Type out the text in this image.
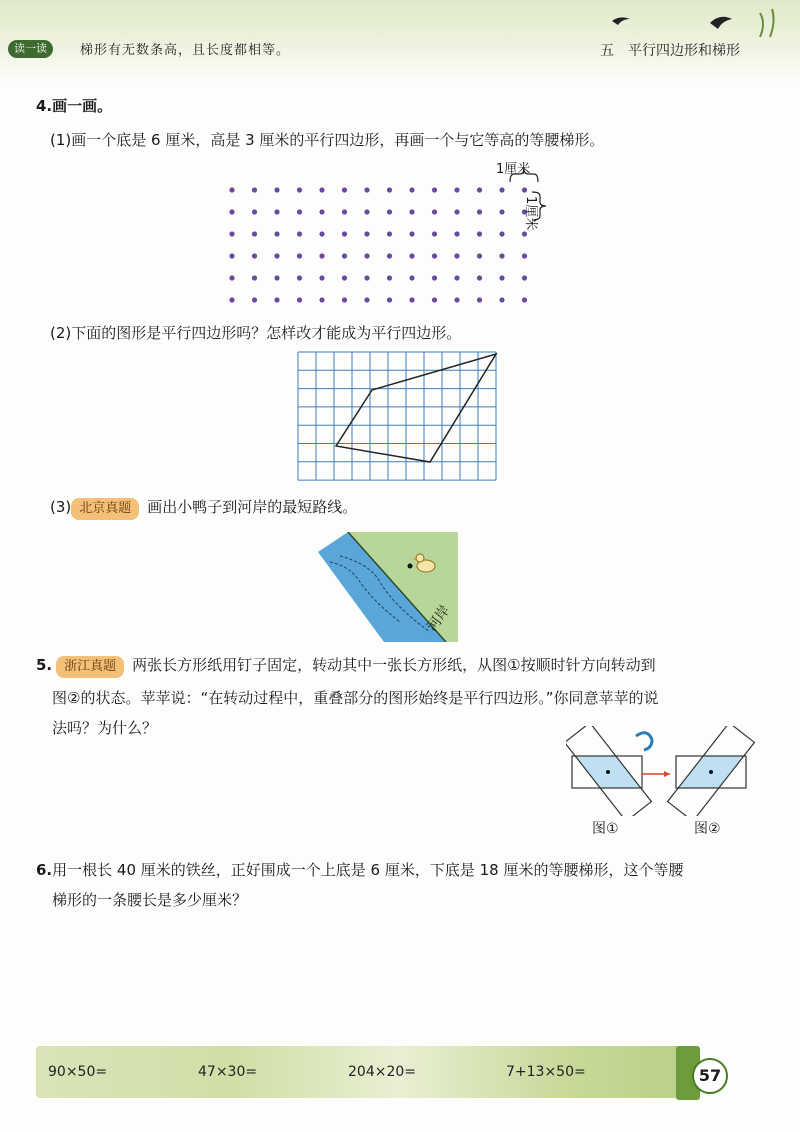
读一读	梯形有无数条高，且长度都相等。	五　平行四边形和梯形
4.画一画。
(1)画一个底是 6 厘米，高是 3 厘米的平行四边形，再画一个与它等高的等腰梯形。
1厘米
1厘米
(2)下面的图形是平行四边形吗？怎样改才能成为平行四边形。
(3) 北京真题 画出小鸭子到河岸的最短路线。
河岸
5. 浙江真题 两张长方形纸用钉子固定，转动其中一张长方形纸，从图①按顺时针方向转动到
图②的状态。苹苹说：“在转动过程中，重叠部分的图形始终是平行四边形。”你同意苹苹的说
法吗？为什么？
图①	图②
6.用一根长 40 厘米的铁丝，正好围成一个上底是 6 厘米，下底是 18 厘米的等腰梯形，这个等腰
梯形的一条腰长是多少厘米？
90×50=	47×30=	204×20=	7+13×50=	57
